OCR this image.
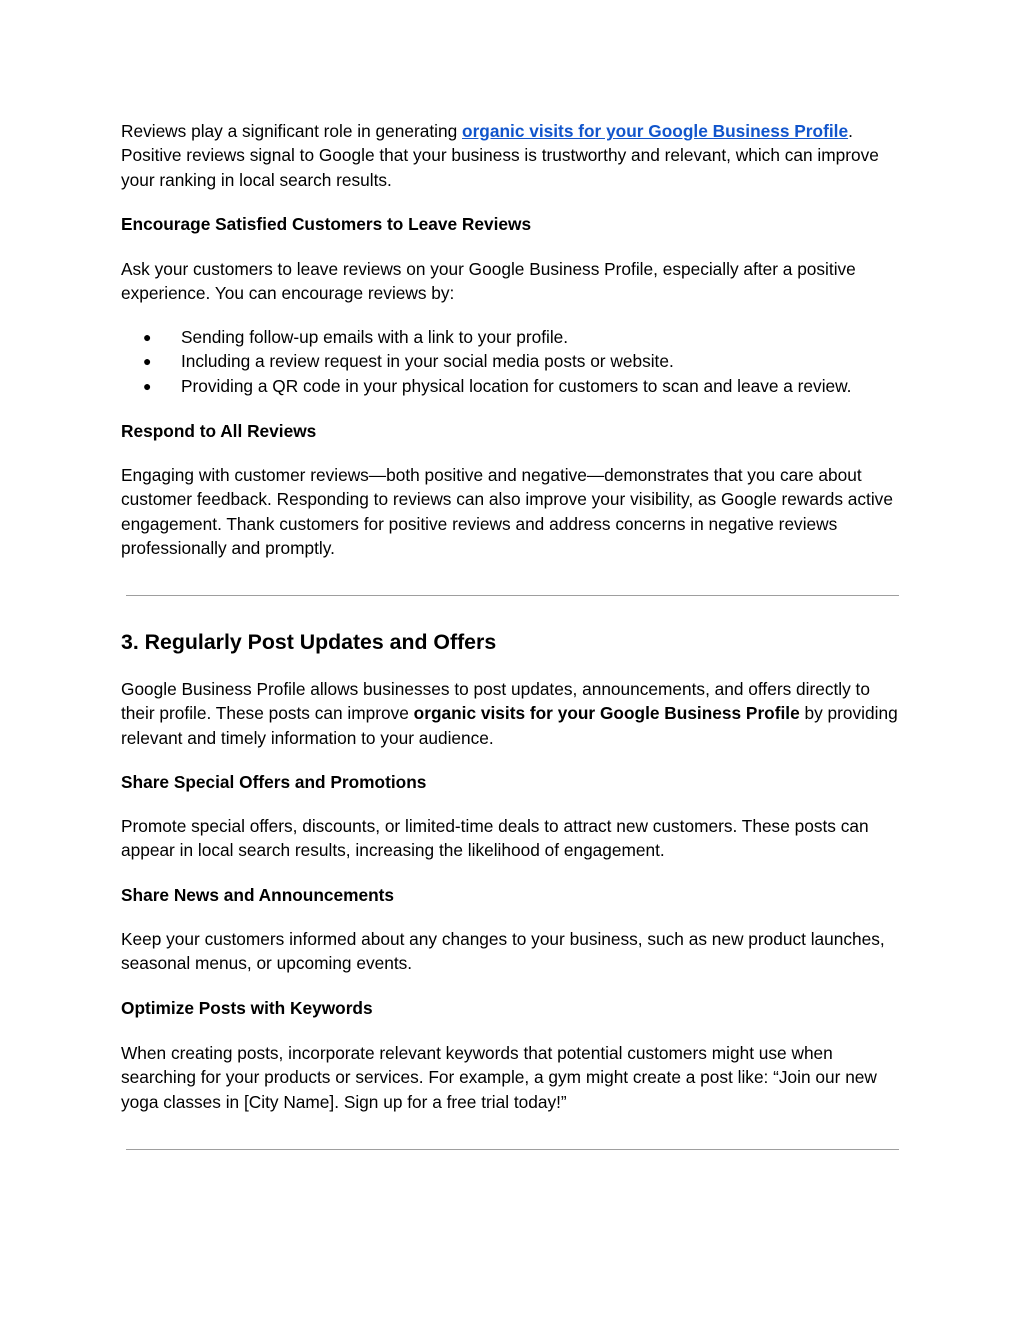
Reviews play a significant role in generating organic visits for your Google Business Profile.
Positive reviews signal to Google that your business is trustworthy and relevant, which can improve your ranking in local search results.

Encourage Satisfied Customers to Leave Reviews

Ask your customers to leave reviews on your Google Business Profile, especially after a positive experience. You can encourage reviews by:

● Sending follow-up emails with a link to your profile.
● Including a review request in your social media posts or website.
● Providing a QR code in your physical location for customers to scan and leave a review.
Respond to All Reviews

Engaging with customer reviews—both positive and negative—demonstrates that you care about customer feedback. Responding to reviews can also improve your visibility, as Google rewards active engagement. Thank customers for positive reviews and address concerns in negative reviews professionally and promptly.

3. Regularly Post Updates and Offers

Google Business Profile allows businesses to post updates, announcements, and offers directly to their profile. These posts can improve organic visits for your Google Business Profile by providing relevant and timely information to your audience.

Share Special Offers and Promotions

Promote special offers, discounts, or limited-time deals to attract new customers. These posts can appear in local search results, increasing the likelihood of engagement.

Share News and Announcements

Keep your customers informed about any changes to your business, such as new product launches, seasonal menus, or upcoming events.

Optimize Posts with Keywords

When creating posts, incorporate relevant keywords that potential customers might use when searching for your products or services. For example, a gym might create a post like: “Join our new yoga classes in [City Name]. Sign up for a free trial today!”
